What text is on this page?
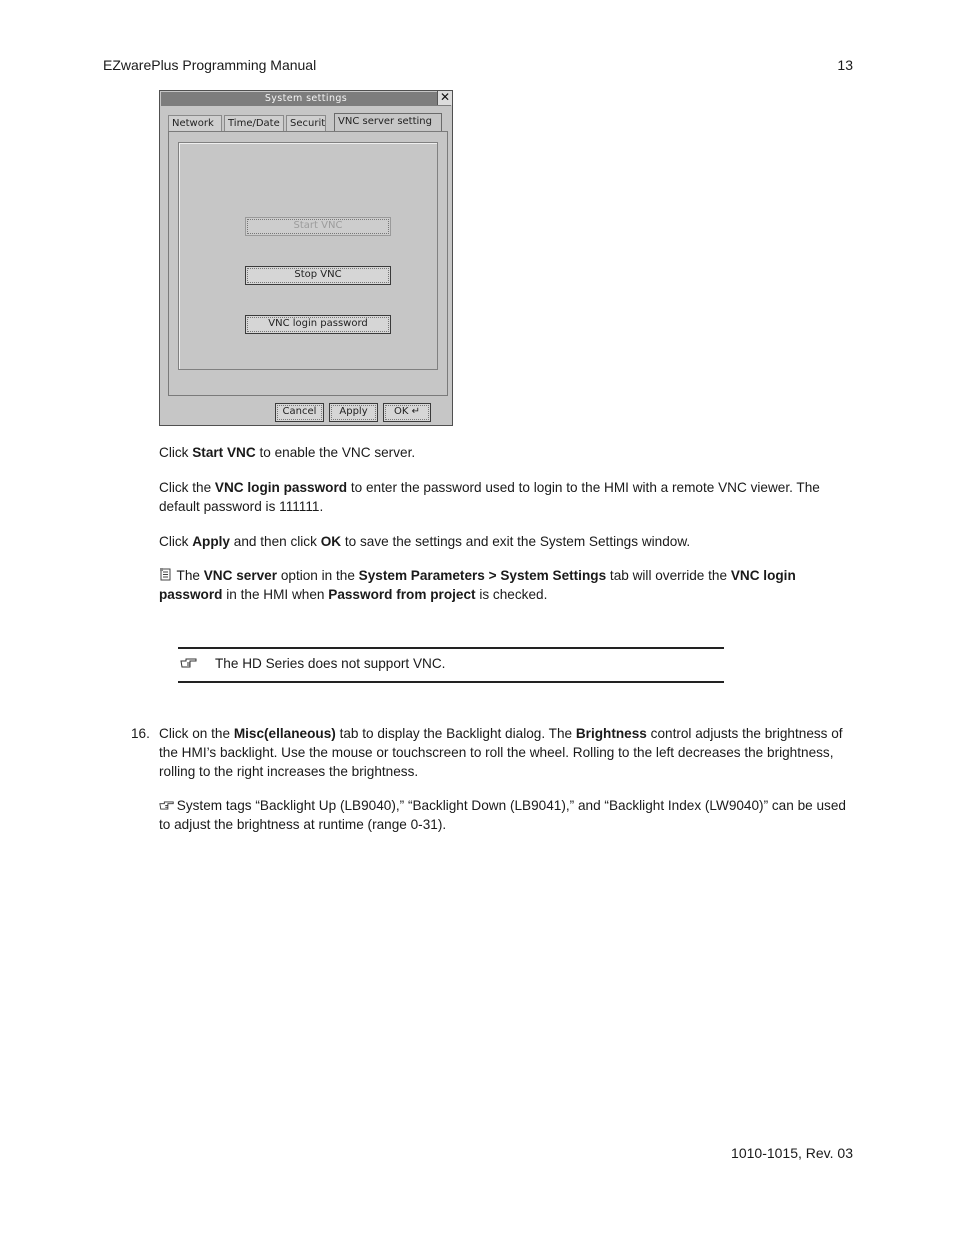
EZwarePlus Programming Manual	13
System settings	✕
Network	Time/Date	Securit	VNC server setting
Start VNC
Stop VNC
VNC login password
Cancel	Apply	OK ↵
Click Start VNC to enable the VNC server.
Click the VNC login password to enter the password used to login to the HMI with a remote VNC viewer. The default password is 111111.
Click Apply and then click OK to save the settings and exit the System Settings window.
The VNC server option in the System Parameters > System Settings tab will override the VNC login password in the HMI when Password from project is checked.
The HD Series does not support VNC.
16. Click on the Misc(ellaneous) tab to display the Backlight dialog. The Brightness control adjusts the brightness of the HMI’s backlight. Use the mouse or touchscreen to roll the wheel. Rolling to the left decreases the brightness, rolling to the right increases the brightness.
System tags “Backlight Up (LB9040),” “Backlight Down (LB9041),” and “Backlight Index (LW9040)” can be used to adjust the brightness at runtime (range 0-31).
1010-1015, Rev. 03
